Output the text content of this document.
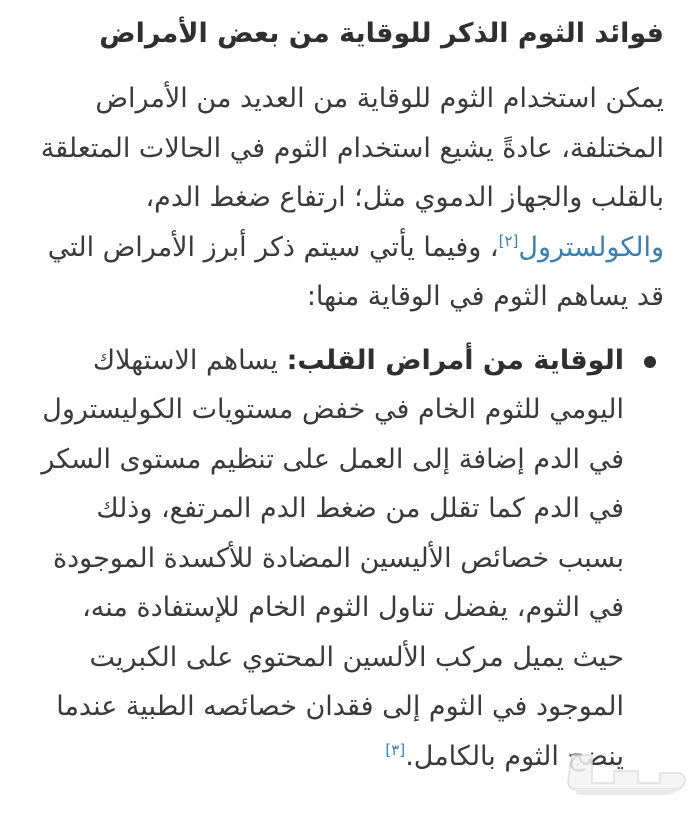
فوائد الثوم الذكر للوقاية من بعض الأمراض

يمكن استخدام الثوم للوقاية من العديد من الأمراض المختلفة، عادةً يشيع استخدام الثوم في الحالات المتعلقة بالقلب والجهاز الدموي مثل؛ ارتفاع ضغط الدم، والكولسترول[٢]، وفيما يأتي سيتم ذكر أبرز الأمراض التي قد يساهم الثوم في الوقاية منها:

الوقاية من أمراض القلب: يساهم الاستهلاك اليومي للثوم الخام في خفض مستويات الكوليسترول في الدم إضافة إلى العمل على تنظيم مستوى السكر في الدم كما تقلل من ضغط الدم المرتفع، وذلك بسبب خصائص الأليسين المضادة للأكسدة الموجودة في الثوم، يفضل تناول الثوم الخام للإستفادة منه، حيث يميل مركب الألسين المحتوي على الكبريت الموجود في الثوم إلى فقدان خصائصه الطبية عندما ينضج الثوم بالكامل.[٣]
